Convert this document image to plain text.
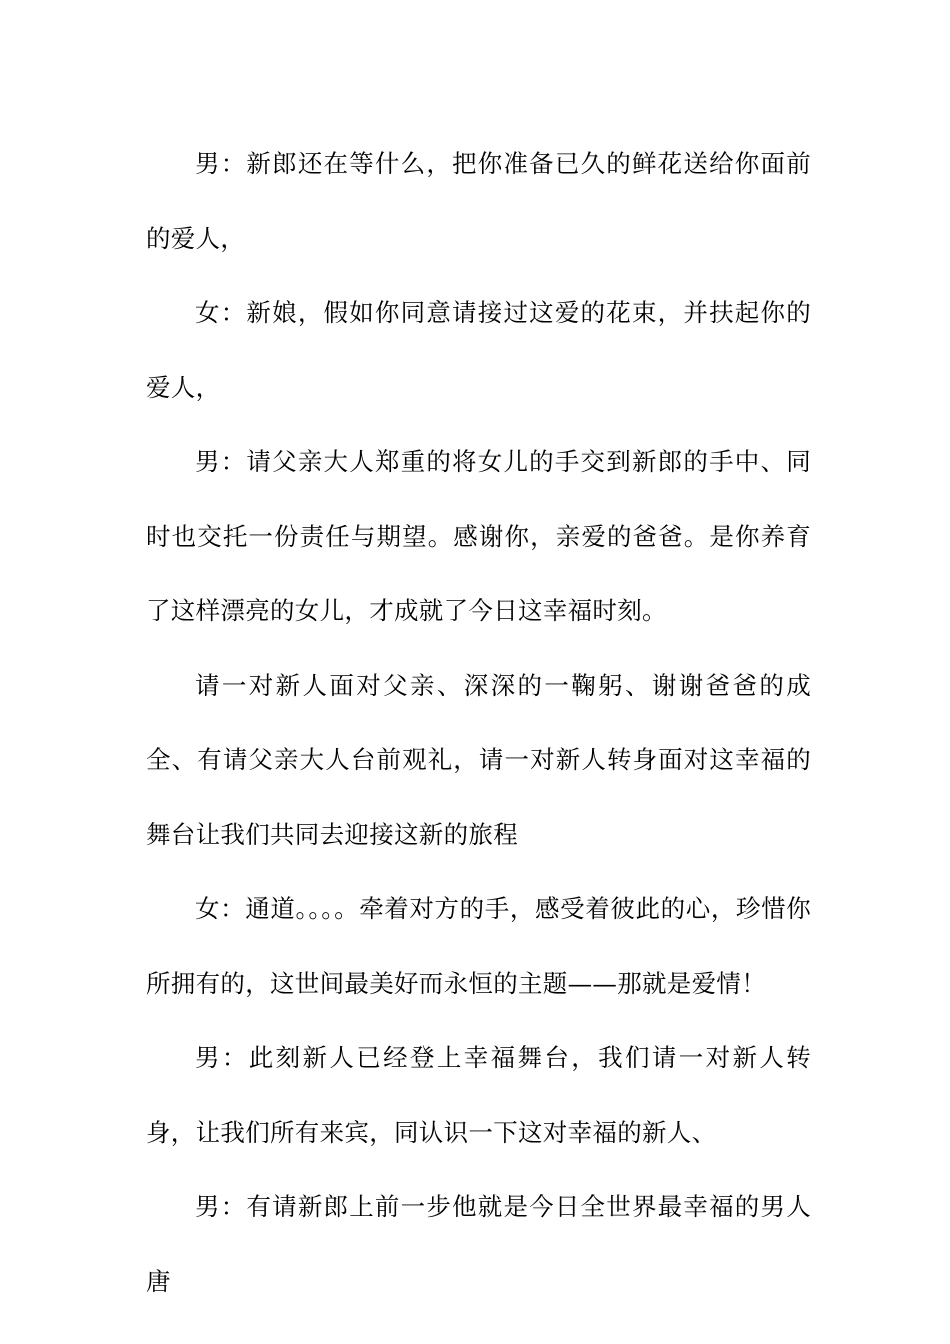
男：新郎还在等什么，把你准备已久的鲜花送给你面前的爱人，

女：新娘，假如你同意请接过这爱的花束，并扶起你的爱人，

男：请父亲大人郑重的将女儿的手交到新郎的手中、同时也交托一份责任与期望。感谢你，亲爱的爸爸。是你养育了这样漂亮的女儿，才成就了今日这幸福时刻。

请一对新人面对父亲、深深的一鞠躬、谢谢爸爸的成全、有请父亲大人台前观礼，请一对新人转身面对这幸福的舞台让我们共同去迎接这新的旅程

女：通道。。。。牵着对方的手，感受着彼此的心，珍惜你所拥有的，这世间最美好而永恒的主题——那就是爱情！

男：此刻新人已经登上幸福舞台，我们请一对新人转身，让我们所有来宾，同认识一下这对幸福的新人、

男：有请新郎上前一步他就是今日全世界最幸福的男人唐
